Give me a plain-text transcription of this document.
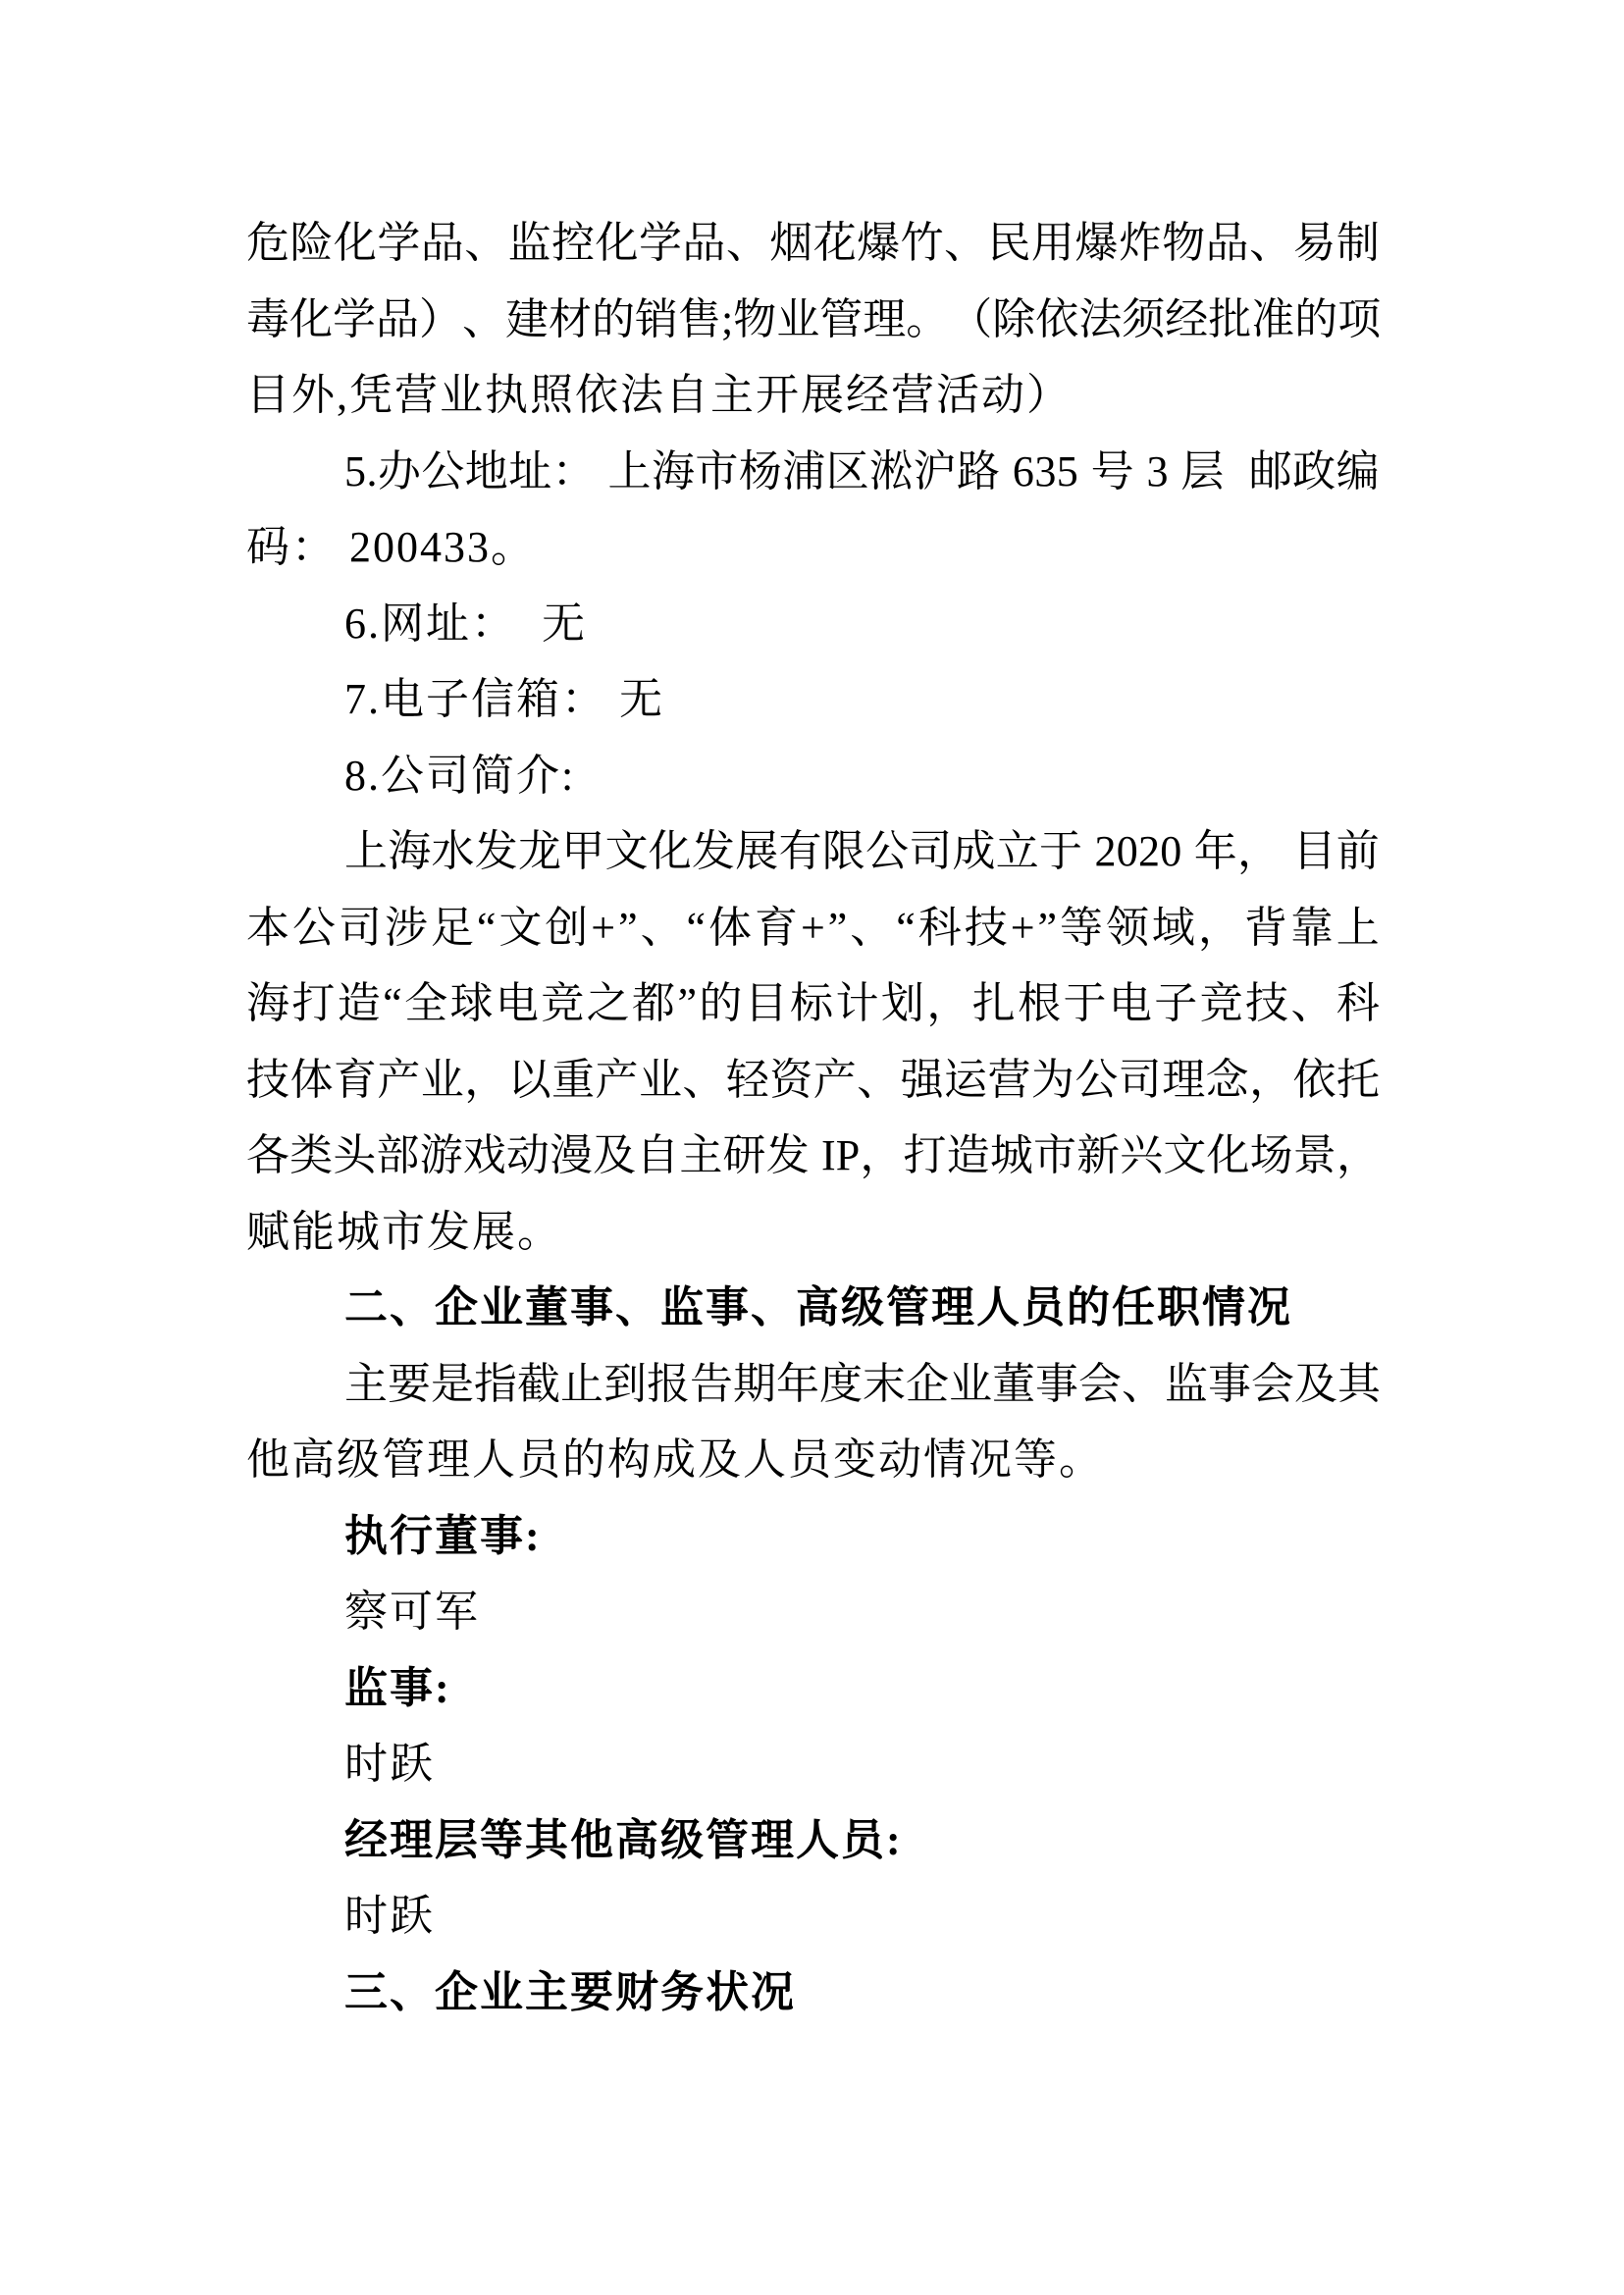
危 险 化 学 品 、 监 控 化 学 品 、 烟 花 爆 竹 、 民 用 爆 炸 物 品 、 易 制
毒 化 学 品 ） 、 建 材 的 销 售 ; 物 业 管 理 。 （ 除 依 法 须 经 批 准 的 项
目外,凭营业执照依法自主开展经营活动）
5 . 办 公 地 址 ：
上 海 市 杨 浦 区 淞 沪 路
6 3 5
号
3
层

邮 政 编
码： 200433。
6.网址：  无
7.电子信箱： 无
8.公司简介:
上 海 水 发 龙 甲 文 化 发 展 有 限 公 司 成 立 于
2 0 2 0
年 ，
目 前
本 公 司 涉 足 “ 文 创 + ” 、 “ 体 育 + ” 、 “ 科 技 + ” 等 领 域 ， 背 靠 上
海 打 造 “ 全 球 电 竞 之 都 ” 的 目 标 计 划 ， 扎 根 于 电 子 竞 技 、 科
技 体 育 产 业 ， 以 重 产 业 、 轻 资 产 、 强 运 营 为 公 司 理 念 ， 依 托
各 类 头 部 游 戏 动 漫 及 自 主 研 发
I P ， 打 造 城 市 新 兴 文 化 场 景 ，
赋能城市发展。
二、企业董事、监事、高级管理人员的任职情况
主 要 是 指 截 止 到 报 告 期 年 度 末 企 业 董 事 会 、 监 事 会 及 其
他高级管理人员的构成及人员变动情况等。
执行董事:
察可军
监事:
时跃
经理层等其他高级管理人员:
时跃
三、企业主要财务状况
